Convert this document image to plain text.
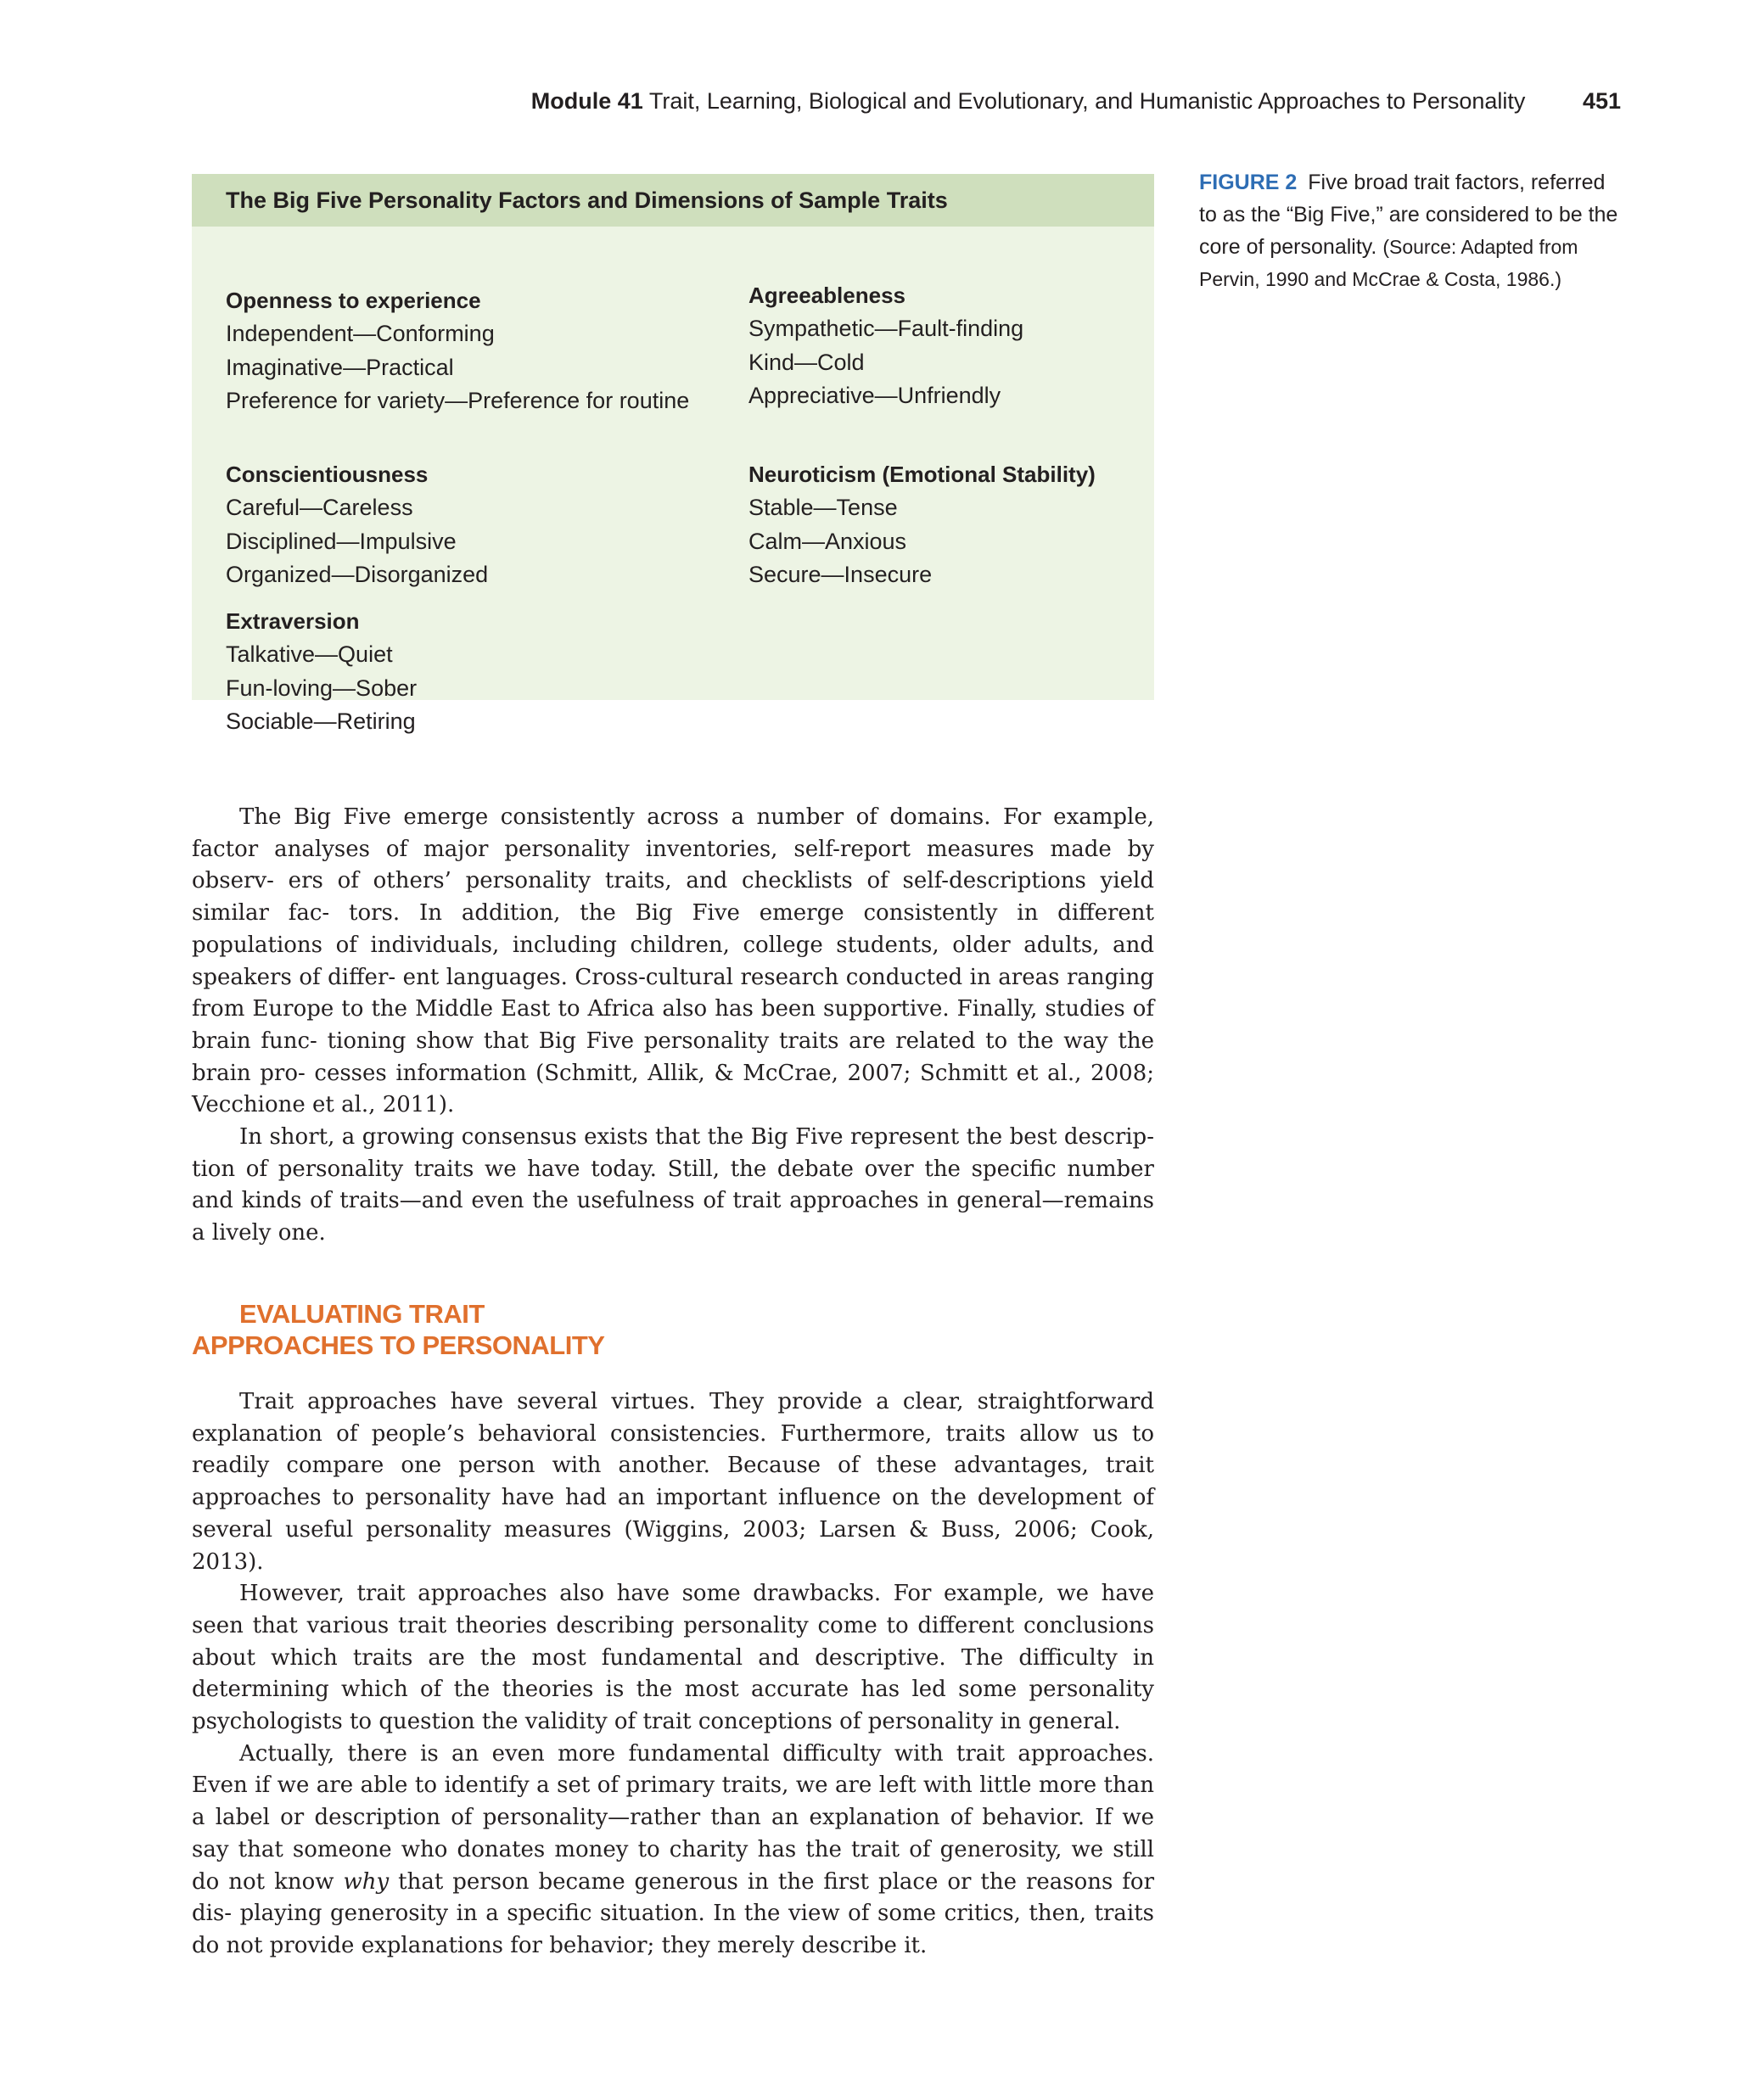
Module 41 Trait, Learning, Biological and Evolutionary, and Humanistic Approaches to Personality	451
The Big Five Personality Factors and Dimensions of Sample Traits
Openness to experience
Independent—Conforming
Imaginative—Practical
Preference for variety—Preference for routine
Conscientiousness
Careful—Careless
Disciplined—Impulsive
Organized—Disorganized
Extraversion
Talkative—Quiet
Fun-loving—Sober
Sociable—Retiring
Agreeableness
Sympathetic—Fault-finding
Kind—Cold
Appreciative—Unfriendly
Neuroticism (Emotional Stability)
Stable—Tense
Calm—Anxious
Secure—Insecure
FIGURE 2 Five broad trait factors, referred to as the “Big Five,” are considered to be the core of personality. (Source: Adapted from Pervin, 1990 and McCrae & Costa, 1986.)

The Big Five emerge consistently across a number of domains. For example, factor analyses of major personality inventories, self-report measures made by observ- ers of others’ personality traits, and checklists of self-descriptions yield similar fac- tors. In addition, the Big Five emerge consistently in different populations of individuals, including children, college students, older adults, and speakers of differ- ent languages. Cross-cultural research conducted in areas ranging from Europe to the Middle East to Africa also has been supportive. Finally, studies of brain func- tioning show that Big Five personality traits are related to the way the brain pro- cesses information (Schmitt, Allik, & McCrae, 2007; Schmitt et al., 2008; Vecchione et al., 2011).

In short, a growing consensus exists that the Big Five represent the best descrip- tion of personality traits we have today. Still, the debate over the specific number and kinds of traits—and even the usefulness of trait approaches in general—remains a lively one.

EVALUATING TRAIT
APPROACHES TO PERSONALITY

Trait approaches have several virtues. They provide a clear, straightforward explanation of people’s behavioral consistencies. Furthermore, traits allow us to readily compare one person with another. Because of these advantages, trait approaches to personality have had an important influence on the development of several useful personality measures (Wiggins, 2003; Larsen & Buss, 2006; Cook, 2013).

However, trait approaches also have some drawbacks. For example, we have seen that various trait theories describing personality come to different conclusions about which traits are the most fundamental and descriptive. The difficulty in determining which of the theories is the most accurate has led some personality psychologists to question the validity of trait conceptions of personality in general.

Actually, there is an even more fundamental difficulty with trait approaches. Even if we are able to identify a set of primary traits, we are left with little more than a label or description of personality—rather than an explanation of behavior. If we say that someone who donates money to charity has the trait of generosity, we still do not know why that person became generous in the first place or the reasons for dis- playing generosity in a specific situation. In the view of some critics, then, traits do not provide explanations for behavior; they merely describe it.
